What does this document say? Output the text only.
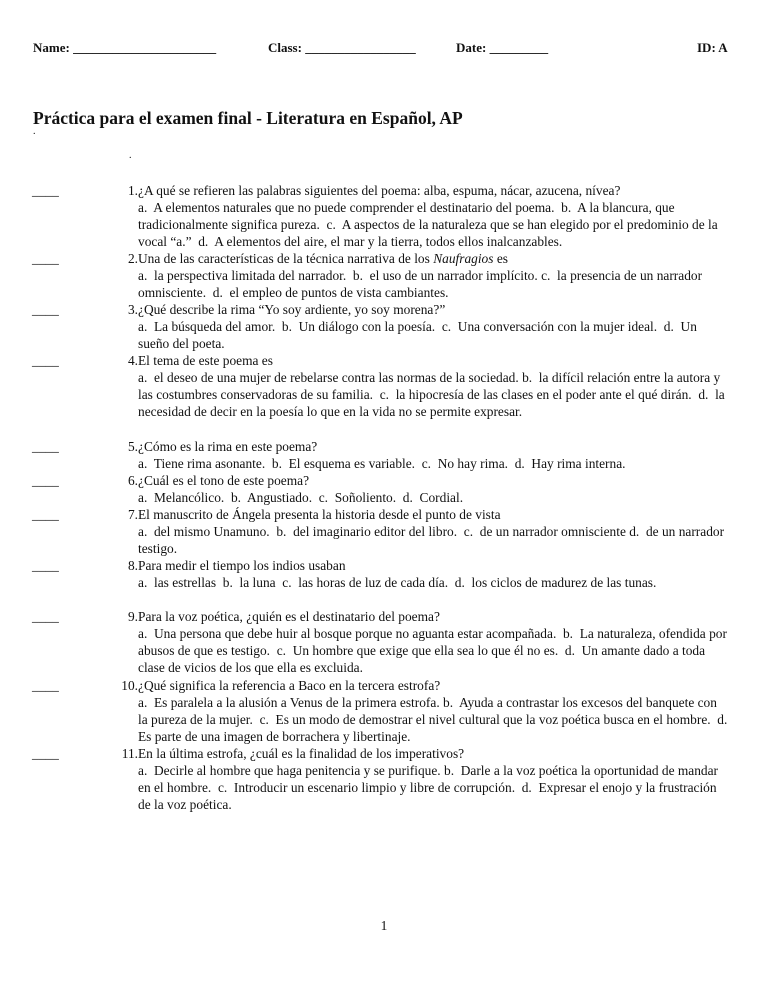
Name: ______________________	Class: _________________	Date: _________	ID: A
Práctica para el examen final - Literatura en Español, AP
.
.
____	1. ¿A qué se refieren las palabras siguientes del poema: alba, espuma, nácar, azucena, nívea?
a.  A elementos naturales que no puede comprender el destinatario del poema.  b.  A la blancura, que tradicionalmente significa pureza.  c.  A aspectos de la naturaleza que se han elegido por el predominio de la vocal “a.”  d.  A elementos del aire, el mar y la tierra, todos ellos inalcanzables.
____	2. Una de las características de la técnica narrativa de los Naufragios es
a.  la perspectiva limitada del narrador.  b.  el uso de un narrador implícito. c.  la presencia de un narrador omnisciente.  d.  el empleo de puntos de vista cambiantes.
____	3. ¿Qué describe la rima “Yo soy ardiente, yo soy morena?”
a.  La búsqueda del amor.  b.  Un diálogo con la poesía.  c.  Una conversación con la mujer ideal.  d.  Un sueño del poeta.
____	4. El tema de este poema es
a.  el deseo de una mujer de rebelarse contra las normas de la sociedad. b.  la difícil relación entre la autora y las costumbres conservadoras de su familia.  c.  la hipocresía de las clases en el poder ante el qué dirán.  d.  la necesidad de decir en la poesía lo que en la vida no se permite expresar.
____	5. ¿Cómo es la rima en este poema?
a.  Tiene rima asonante.  b.  El esquema es variable.  c.  No hay rima.  d.  Hay rima interna.
____	6. ¿Cuál es el tono de este poema?
a.  Melancólico.  b.  Angustiado.  c.  Soñoliento.  d.  Cordial.
____	7. El manuscrito de Ángela presenta la historia desde el punto de vista
a.  del mismo Unamuno.  b.  del imaginario editor del libro.  c.  de un narrador omnisciente d.  de un narrador testigo.
____	8. Para medir el tiempo los indios usaban
a.  las estrellas  b.  la luna  c.  las horas de luz de cada día.  d.  los ciclos de madurez de las tunas.
____	9. Para la voz poética, ¿quién es el destinatario del poema?
a.  Una persona que debe huir al bosque porque no aguanta estar acompañada.  b.  La naturaleza, ofendida por abusos de que es testigo.  c.  Un hombre que exige que ella sea lo que él no es.  d.  Un amante dado a toda clase de vicios de los que ella es excluida.
____	10. ¿Qué significa la referencia a Baco en la tercera estrofa?
a.  Es paralela a la alusión a Venus de la primera estrofa. b.  Ayuda a contrastar los excesos del banquete con la pureza de la mujer.  c.  Es un modo de demostrar el nivel cultural que la voz poética busca en el hombre.  d.  Es parte de una imagen de borrachera y libertinaje.
____	11. En la última estrofa, ¿cuál es la finalidad de los imperativos?
a.  Decirle al hombre que haga penitencia y se purifique. b.  Darle a la voz poética la oportunidad de mandar en el hombre.  c.  Introducir un escenario limpio y libre de corrupción.  d.  Expresar el enojo y la frustración de la voz poética.
1
